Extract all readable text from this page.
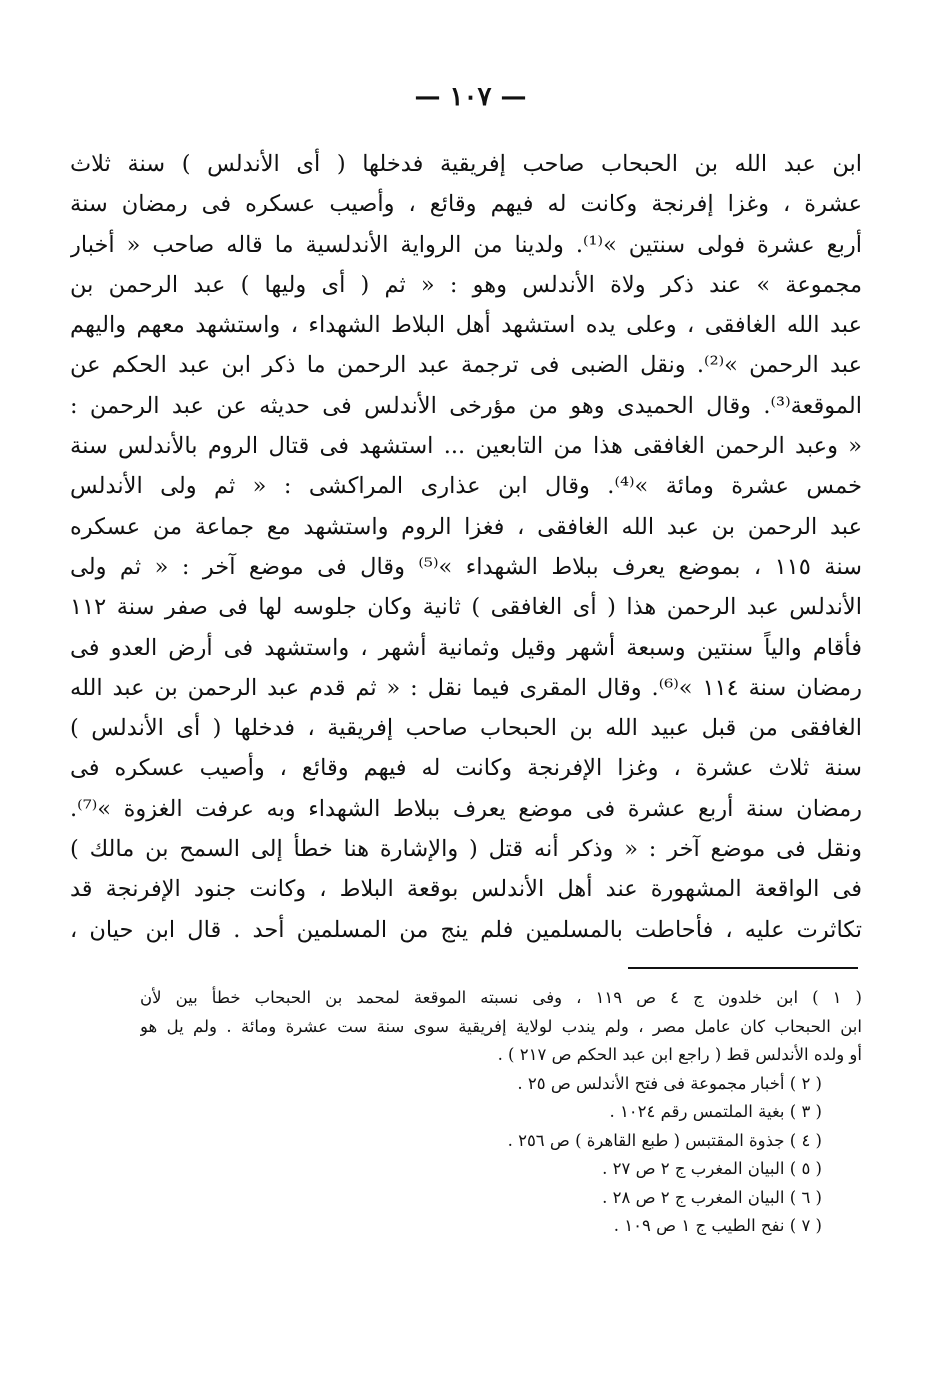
— ١٠٧ —
ابن عبد الله بن الحبحاب صاحب إفريقية فدخلها ( أى الأندلس ) سنة ثلاث
عشرة ، وغزا إفرنجة وكانت له فيهم وقائع ، وأصيب عسكره فى رمضان سنة
أربع عشرة فولى سنتين »⁽¹⁾. ولدينا من الرواية الأندلسية ما قاله صاحب « أخبار
مجموعة » عند ذكر ولاة الأندلس وهو : « ثم ( أى وليها ) عبد الرحمن بن
عبد الله الغافقى ، وعلى يده استشهد أهل البلاط الشهداء ، واستشهد معهم واليهم
عبد الرحمن »⁽²⁾. ونقل الضبى فى ترجمة عبد الرحمن ما ذكر ابن عبد الحكم عن
الموقعة⁽³⁾. وقال الحميدى وهو من مؤرخى الأندلس فى حديثه عن عبد الرحمن :
« وعبد الرحمن الغافقى هذا من التابعين ... استشهد فى قتال الروم بالأندلس سنة
خمس عشرة ومائة »⁽⁴⁾. وقال ابن عذارى المراكشى : « ثم ولى الأندلس
عبد الرحمن بن عبد الله الغافقى ، فغزا الروم واستشهد مع جماعة من عسكره
سنة ١١٥ ، بموضع يعرف ببلاط الشهداء »⁽⁵⁾ وقال فى موضع آخر : « ثم ولى
الأندلس عبد الرحمن هذا ( أى الغافقى ) ثانية وكان جلوسه لها فى صفر سنة ١١٢
فأقام والياً سنتين وسبعة أشهر وقيل وثمانية أشهر ، واستشهد فى أرض العدو فى
رمضان سنة ١١٤ »⁽⁶⁾. وقال المقرى فيما نقل : « ثم قدم عبد الرحمن بن عبد الله
الغافقى من قبل عبيد الله بن الحبحاب صاحب إفريقية ، فدخلها ( أى الأندلس )
سنة ثلاث عشرة ، وغزا الإفرنجة وكانت له فيهم وقائع ، وأصيب عسكره فى
رمضان سنة أربع عشرة فى موضع يعرف ببلاط الشهداء وبه عرفت الغزوة »⁽⁷⁾.
ونقل فى موضع آخر : « وذكر أنه قتل ( والإشارة هنا خطأ إلى السمح بن مالك )
فى الواقعة المشهورة عند أهل الأندلس بوقعة البلاط ، وكانت جنود الإفرنجة قد
تكاثرت عليه ، فأحاطت بالمسلمين فلم ينج من المسلمين أحد . قال ابن حيان ،
( ١ ) ابن خلدون ج ٤ ص ١١٩ ، وفى نسبته الموقعة لمحمد بن الحبحاب خطأ بين لأن
ابن الحبحاب كان عامل مصر ، ولم يندب لولاية إفريقية سوى سنة ست عشرة ومائة . ولم يل هو
أو ولده الأندلس قط ( راجع ابن عبد الحكم ص ٢١٧ ) .
( ٢ ) أخبار مجموعة فى فتح الأندلس ص ٢٥ .
( ٣ ) بغية الملتمس رقم ١٠٢٤ .
( ٤ ) جذوة المقتبس ( طبع القاهرة ) ص ٢٥٦ .
( ٥ ) البيان المغرب ج ٢ ص ٢٧ .
( ٦ ) البيان المغرب ج ٢ ص ٢٨ .
( ٧ ) نفح الطيب ج ١ ص ١٠٩ .
